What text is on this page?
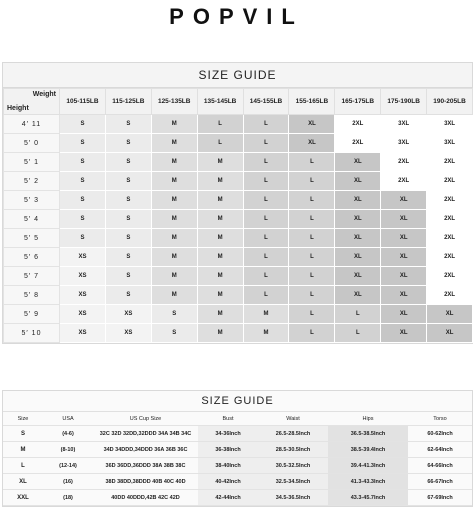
POPVIL
SIZE GUIDE
Weight
Height	105-115LB	115-125LB	125-135LB	135-145LB	145-155LB	155-165LB	165-175LB	175-190LB	190-205LB
4′ 11	S	S	M	L	L	XL	2XL	3XL	3XL
5′ 0	S	S	M	L	L	XL	2XL	3XL	3XL
5′ 1	S	S	M	M	L	L	XL	2XL	2XL
5′ 2	S	S	M	M	L	L	XL	2XL	2XL
5′ 3	S	S	M	M	L	L	XL	XL	2XL
5′ 4	S	S	M	M	L	L	XL	XL	2XL
5′ 5	S	S	M	M	L	L	XL	XL	2XL
5′ 6	XS	S	M	M	L	L	XL	XL	2XL
5′ 7	XS	S	M	M	L	L	XL	XL	2XL
5′ 8	XS	S	M	M	L	L	XL	XL	2XL
5′ 9	XS	XS	S	M	M	L	L	XL	XL
5′ 10	XS	XS	S	M	M	L	L	XL	XL
SIZE GUIDE
Size	USA	US Cup Size	Bust	Waist	Hips	Torso
S	(4-6)	32C 32D 32DD,32DDD 34A 34B 34C	34-36Inch	26.5-28.5Inch	36.5-38.5Inch	60-62Inch
M	(8-10)	34D 34DDD,34DDD 36A 36B 36C	36-38Inch	28.5-30.5Inch	38.5-39.4Inch	62-64Inch
L	(12-14)	36D 36DD,36DDD 38A 38B 38C	38-40Inch	30.5-32.5Inch	39.4-41.3Inch	64-66Inch
XL	(16)	38D 38DD,38DDD 40B 40C 40D	40-42Inch	32.5-34.5Inch	41.3-43.3Inch	66-67Inch
XXL	(18)	40DD 40DDD,42B 42C 42D	42-44Inch	34.5-36.5Inch	43.3-45.7Inch	67-69Inch
